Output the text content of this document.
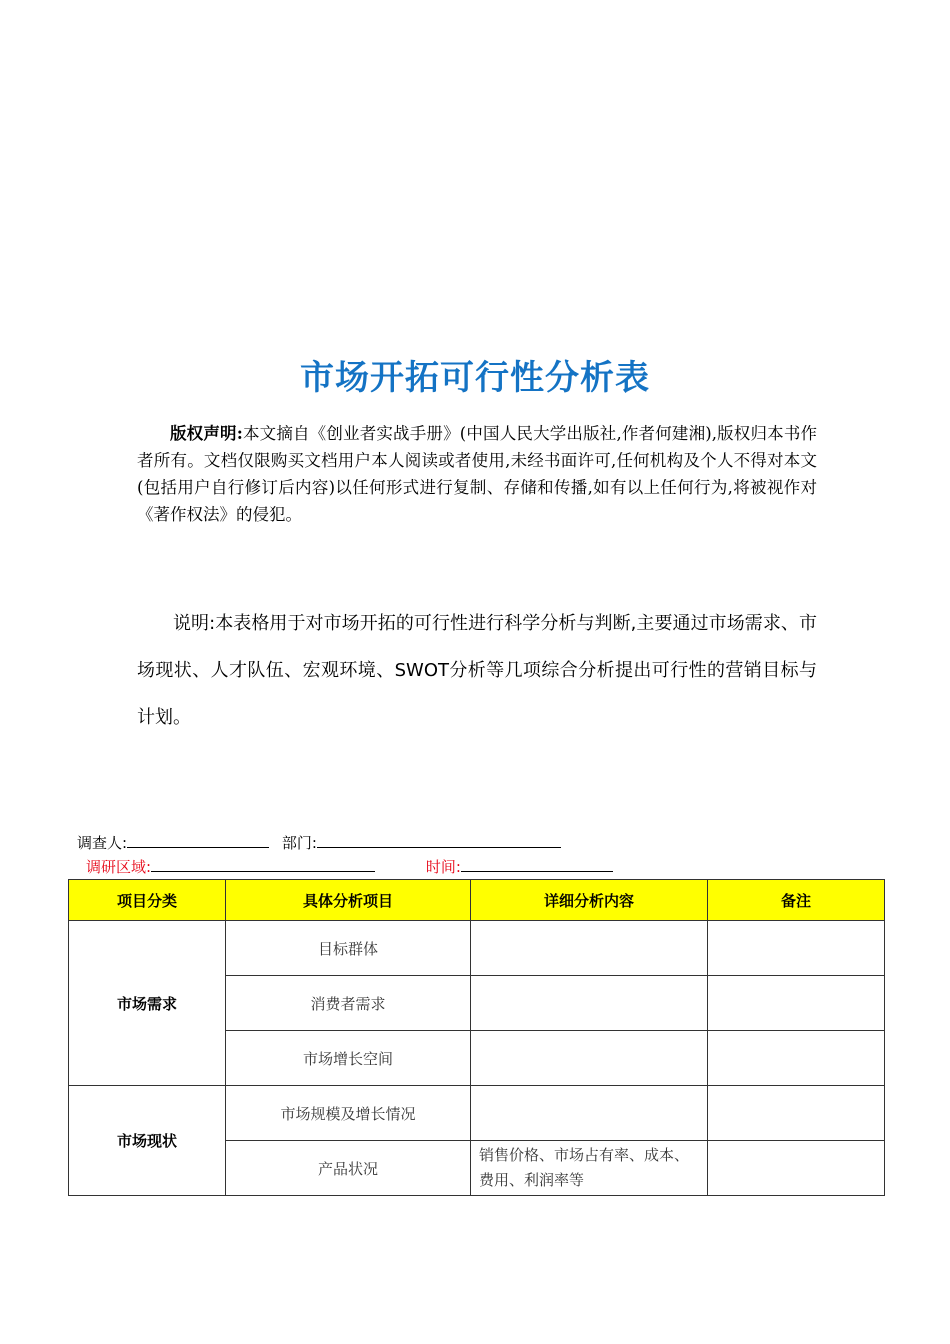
市场开拓可行性分析表
版权声明:本文摘自《创业者实战手册》(中国人民大学出版社,作者何建湘),版权归本书作者所有。文档仅限购买文档用户本人阅读或者使用,未经书面许可,任何机构及个人不得对本文(包括用户自行修订后内容)以任何形式进行复制、存储和传播,如有以上任何行为,将被视作对《著作权法》的侵犯。
说明:本表格用于对市场开拓的可行性进行科学分析与判断,主要通过市场需求、市场现状、人才队伍、宏观环境、SWOT分析等几项综合分析提出可行性的营销目标与计划。
调查人:	部门:
调研区域:	时间:
项目分类	具体分析项目	详细分析内容	备注
市场需求	目标群体		
	消费者需求		
	市场增长空间		
市场现状	市场规模及增长情况		
	产品状况	销售价格、市场占有率、成本、费用、利润率等	
